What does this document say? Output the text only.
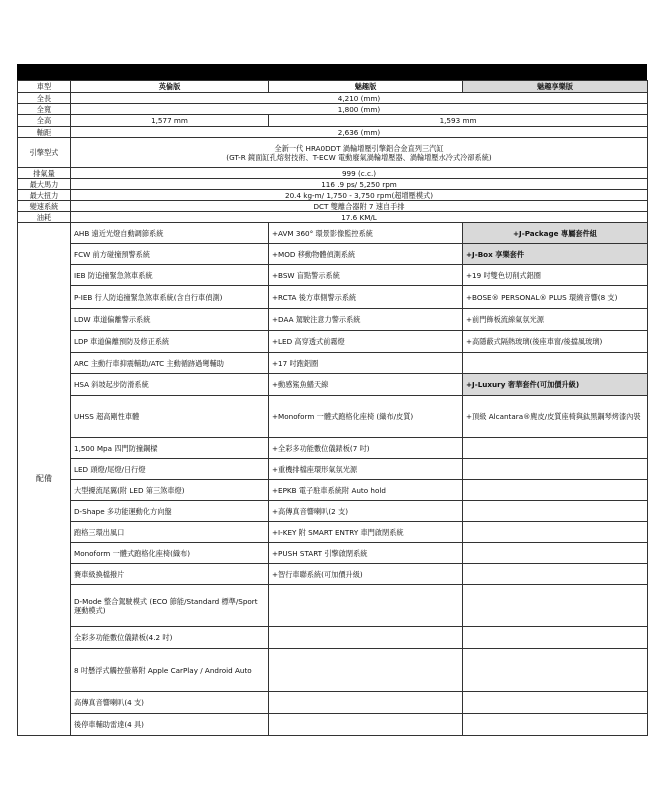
車型	英倫版	魅趣版	魅趣享樂版
全長	4,210 (mm)		
全寬	1,800 (mm)		
全高	1,577 mm	1,593 mm	
軸距	2,636 (mm)		
引擎型式	全新一代 HRA0DDT 渦輪增壓引擎鋁合金直列三汽缸
(GT-R 鏡面缸孔熔射技術、T-ECW 電動廢氣渦輪增壓器、渦輪增壓水冷式冷卻系統)		

排氣量	999 (c.c.)		
最大馬力	116 .9 ps/ 5,250 rpm		
最大扭力	20.4 kg-m/ 1,750 - 3,750 rpm(超增壓模式)		
變速系統	DCT 雙離合器附 7 速自手排		
油耗	17.6 KM/L		
配備	AHB 遠近光燈自動調節系統	+AVM 360° 環景影像監控系統	+J-Package 專屬套件組
	FCW 前方碰撞預警系統	+MOD 移動物體偵測系統	+J-Box 享樂套件
	IEB 防追撞緊急煞車系統	+BSW 盲點警示系統	+19 吋雙色切削式鋁圈
	P-IEB 行人防追撞緊急煞車系統(含自行車偵測)	+RCTA 後方車側警示系統	+BOSE® PERSONAL® PLUS 環繞音響(8 支)
	LDW 車道偏離警示系統	+DAA 駕駛注意力警示系統	+前門飾板流線氣氛光源
	LDP 車道偏離預防及修正系統	+LED 高穿透式前霧燈	+高隱蔽式隔熱玻璃(後座車窗/後擋風玻璃)
	ARC 主動行車抑震輔助/ATC 主動循跡過彎輔助	+17 吋跑鋁圈	
	HSA 斜坡起步防滑系統	+動感鯊魚鰭天線	+J-Luxury 奢華套件(可加價升級)
	UHSS 超高剛性車體	+Monoform 一體式跑格化座椅 (織布/皮質)	+頂級 Alcantara®麂皮/皮質座椅與鈦黑鋼琴烤漆內裝
	1,500 Mpa 四門防撞鋼樑	+全彩多功能數位儀錶板(7 吋)	
	LED 頭燈/尾燈/日行燈	+重機排檔座環形氣氛光源	
	大型擾流尾翼(附 LED 第三煞車燈)	+EPKB 電子駐車系統附 Auto hold	
	D-Shape 多功能運動化方向盤	+高傳真音響喇叭(2 支)	
	跑格三環出風口	+I-KEY 附 SMART ENTRY 車門啟閉系統	
	Monoform 一體式跑格化座椅(織布)	+PUSH START 引擎啟閉系統	
	賽車級換檔撥片	+智行車聯系統(可加價升級)	
	D-Mode 整合駕駛模式 (ECO 節能/Standard 標準/Sport 運動模式)		
	全彩多功能數位儀錶板(4.2 吋)		
	8 吋懸浮式觸控螢幕附 Apple CarPlay / Android Auto		
	高傳真音響喇叭(4 支)		
	後停車輔助雷達(4 具)		
